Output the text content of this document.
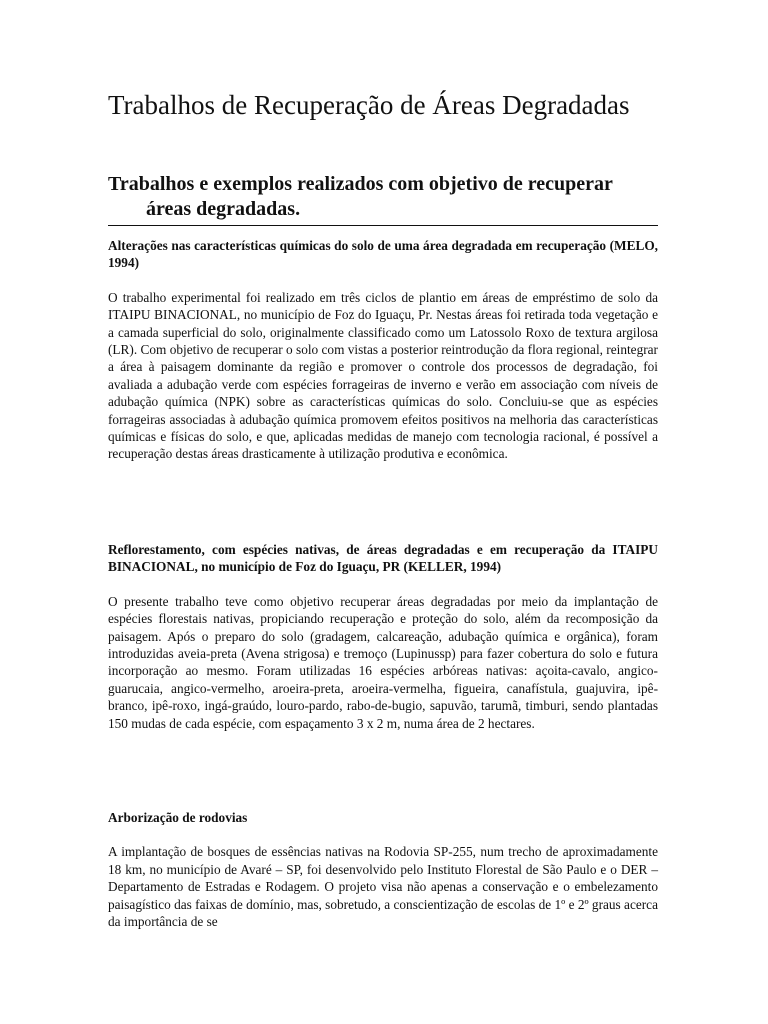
Trabalhos de Recuperação de Áreas Degradadas
Trabalhos e exemplos realizados com objetivo de recuperar áreas degradadas.

Alterações nas características químicas do solo de uma área degradada em recuperação (MELO, 1994)

O trabalho experimental foi realizado em três ciclos de plantio em áreas de empréstimo de solo da ITAIPU BINACIONAL, no município de Foz do Iguaçu, Pr. Nestas áreas foi retirada toda vegetação e a camada superficial do solo, originalmente classificado como um Latossolo Roxo de textura argilosa (LR). Com objetivo de recuperar o solo com vistas a posterior reintrodução da flora regional, reintegrar a área à paisagem dominante da região e promover o controle dos processos de degradação, foi avaliada a adubação verde com espécies forrageiras de inverno e verão em associação com níveis de adubação química (NPK) sobre as características químicas do solo. Concluiu-se que as espécies forrageiras associadas à adubação química promovem efeitos positivos na melhoria das características químicas e físicas do solo, e que, aplicadas medidas de manejo com tecnologia racional, é possível a recuperação destas áreas drasticamente à utilização produtiva e econômica.

Reflorestamento, com espécies nativas, de áreas degradadas e em recuperação da ITAIPU BINACIONAL, no município de Foz do Iguaçu, PR (KELLER, 1994)

O presente trabalho teve como objetivo recuperar áreas degradadas por meio da implantação de espécies florestais nativas, propiciando recuperação e proteção do solo, além da recomposição da paisagem. Após o preparo do solo (gradagem, calcareação, adubação química e orgânica), foram introduzidas aveia-preta (Avena strigosa) e tremoço (Lupinussp) para fazer cobertura do solo e futura incorporação ao mesmo. Foram utilizadas 16 espécies arbóreas nativas: açoita-cavalo, angico-guarucaia, angico-vermelho, aroeira-preta, aroeira-vermelha, figueira, canafístula, guajuvira, ipê-branco, ipê-roxo, ingá-graúdo, louro-pardo, rabo-de-bugio, sapuvão, tarumã, timburi, sendo plantadas 150 mudas de cada espécie, com espaçamento 3 x 2 m, numa área de 2 hectares.

Arborização de rodovias

A implantação de bosques de essências nativas na Rodovia SP-255, num trecho de aproximadamente 18 km, no município de Avaré – SP, foi desenvolvido pelo Instituto Florestal de São Paulo e o DER – Departamento de Estradas e Rodagem. O projeto visa não apenas a conservação e o embelezamento paisagístico das faixas de domínio, mas, sobretudo, a conscientização de escolas de 1º e 2º graus acerca da importância de se
